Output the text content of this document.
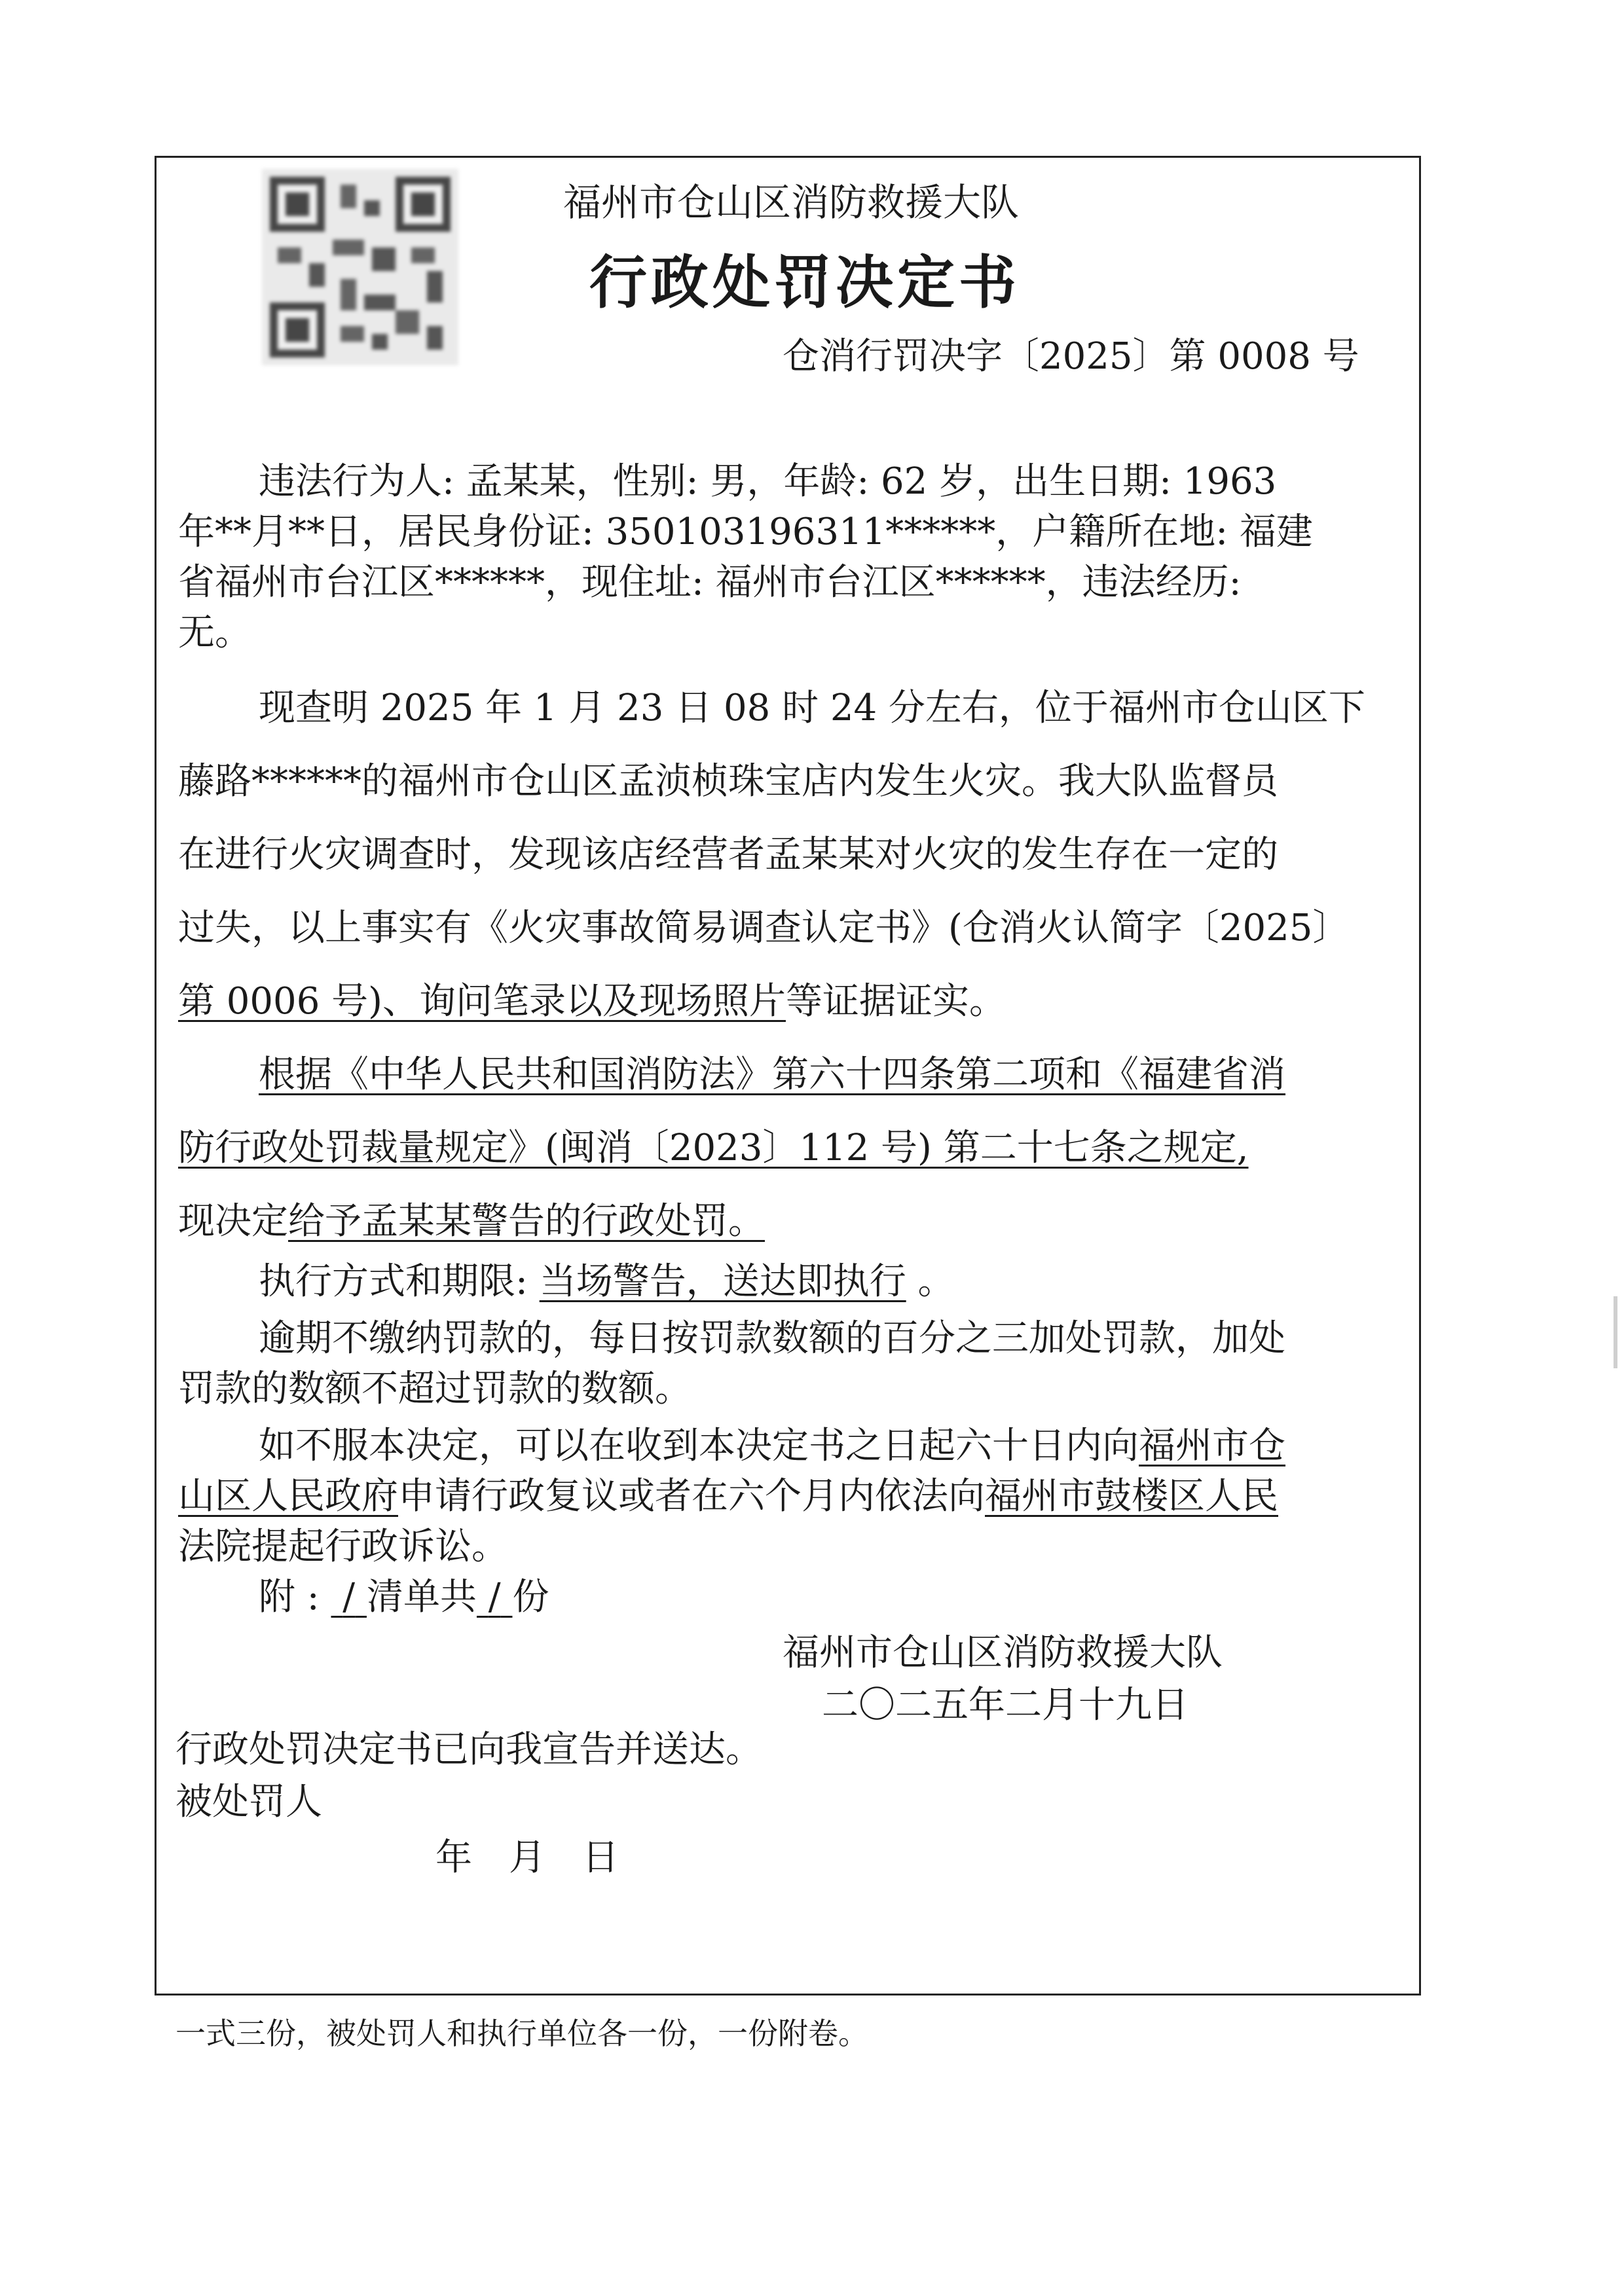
福州市仓山区消防救援大队
行政处罚决定书
仓消行罚决字〔2025〕第 0008 号
违法行为人: 孟某某，性别: 男，年龄: 62 岁，出生日期: 1963
年**月**日，居民身份证: 350103196311******，户籍所在地: 福建
省福州市台江区******，现住址: 福州市台江区******，违法经历:
无。
现查明 2025 年 1 月 23 日 08 时 24 分左右，位于福州市仓山区下
藤路******的福州市仓山区孟浈桢珠宝店内发生火灾。我大队监督员
在进行火灾调查时，发现该店经营者孟某某对火灾的发生存在一定的
过失，以上事实有《火灾事故简易调查认定书》(仓消火认简字〔2025〕
第 0006 号)、询问笔录以及现场照片等证据证实。
根据《中华人民共和国消防法》第六十四条第二项和《福建省消
防行政处罚裁量规定》(闽消〔2023〕112 号) 第二十七条之规定,
现决定给予孟某某警告的行政处罚。
执行方式和期限: 当场警告，送达即执行 。
逾期不缴纳罚款的，每日按罚款数额的百分之三加处罚款，加处
罚款的数额不超过罚款的数额。
如不服本决定，可以在收到本决定书之日起六十日内向福州市仓
山区人民政府申请行政复议或者在六个月内依法向福州市鼓楼区人民
法院提起行政诉讼。
附 : / 清单共 / 份
福州市仓山区消防救援大队
二〇二五年二月十九日
行政处罚决定书已向我宣告并送达。
被处罚人
年　月　日
一式三份，被处罚人和执行单位各一份，一份附卷。
